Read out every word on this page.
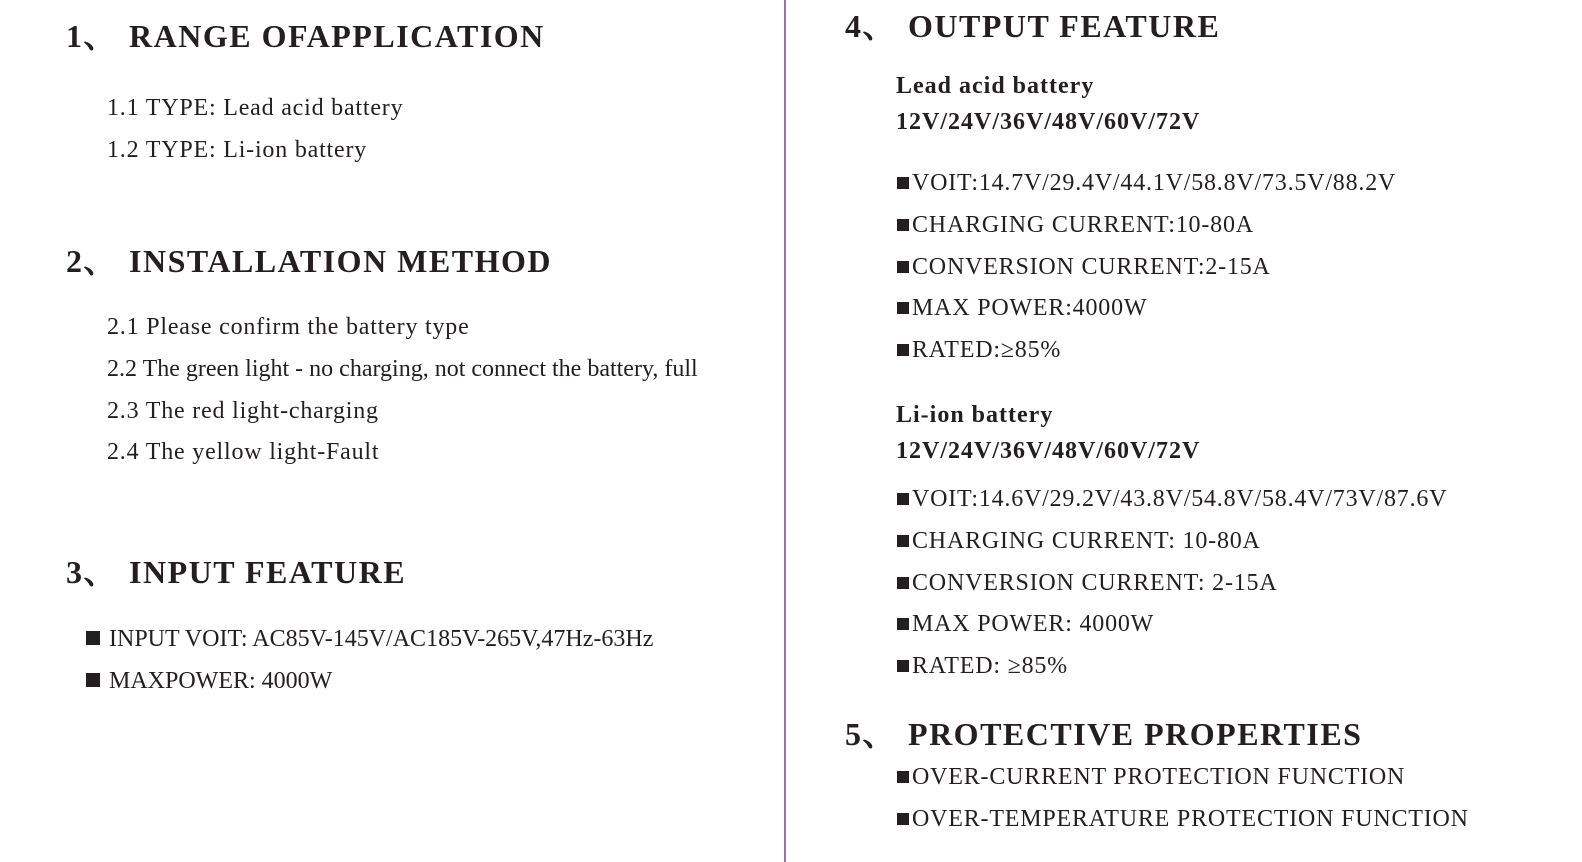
1、 RANGE OFAPPLICATION
1.1 TYPE: Lead acid battery
1.2 TYPE: Li-ion battery
2、 INSTALLATION METHOD
2.1 Please confirm the battery type
2.2 The green light - no charging, not connect the battery, full
2.3 The red light-charging
2.4 The yellow light-Fault
3、 INPUT FEATURE
INPUT VOIT: AC85V-145V/AC185V-265V,47Hz-63Hz
MAXPOWER: 4000W
4、 OUTPUT FEATURE
Lead acid battery
12V/24V/36V/48V/60V/72V
VOIT:14.7V/29.4V/44.1V/58.8V/73.5V/88.2V
CHARGING CURRENT:10-80A
CONVERSION CURRENT:2-15A
MAX POWER:4000W
RATED:≥85%
Li-ion battery
12V/24V/36V/48V/60V/72V
VOIT:14.6V/29.2V/43.8V/54.8V/58.4V/73V/87.6V
CHARGING CURRENT: 10-80A
CONVERSION CURRENT: 2-15A
MAX POWER: 4000W
RATED: ≥85%
5、 PROTECTIVE PROPERTIES
OVER-CURRENT PROTECTION FUNCTION
OVER-TEMPERATURE PROTECTION FUNCTION
